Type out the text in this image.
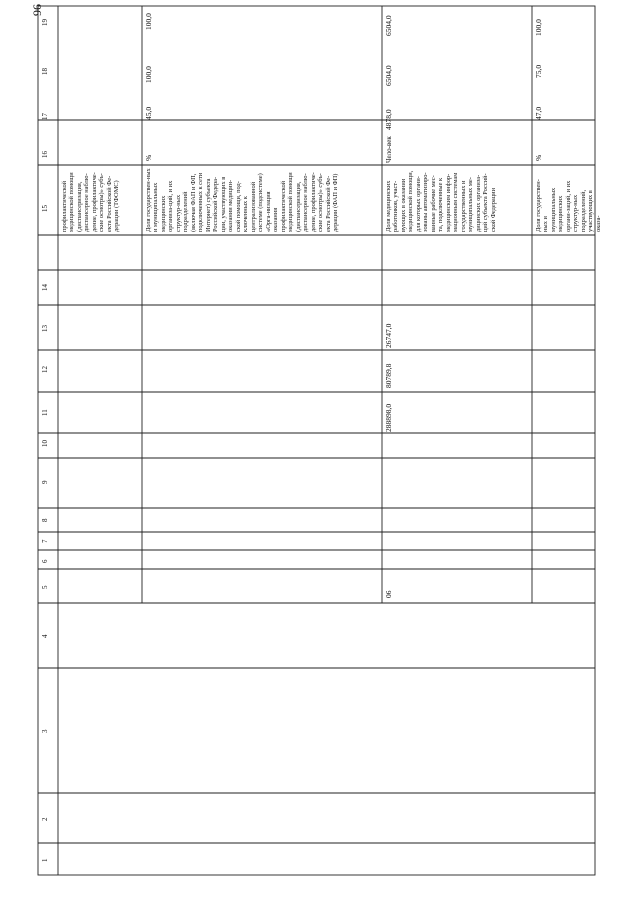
96
19
18
17
16
15
14
13
12
11
10
9
8
7
6
5
4
3
2
1
профилактической медицинской помощи (диспансеризация, диспансерное наблю-дение, профилактиче-ские осмотры)» субъ-екта Российской Фе-дерации (ТФОМС)	Доля государствен-ных и муниципальных медицинских организа-ций, и их структур-ных подразделений (включая ФАП и ФП, подключенных к сети Интернет) субъекта Российской Федера-ции, участвующих в оказании медицин-ской помощи, под-ключенных к централизованной системе (подсистеме) «Орга-низация оказания профилактической медицинской помощи (диспансеризация, диспансерное наблю-дение, профилактиче-ские осмотры)» субъ-екта Российской Фе-дерации (ФАП и ФП)
%
45,0
100,0
100,0
Доля медицинских работников, участ-вующих в оказании медицинской помощи, для которых органи-зованы автоматизиро-ванные рабочие мес-та, подключенные к медицинским инфор-мационным системам государственных и муниципальных ме-дицинских организа-ций субъекта Россий-ской Федерации
Чело-век
4878,0
6504,0
6504,0
26747,0
80789,8
288898,0
06
Доля государствен-ных и муниципальных медицинских органи-заций, и их структур-ных подразделений, участвующих в оказа-
%
47,0
75,0
100,0
